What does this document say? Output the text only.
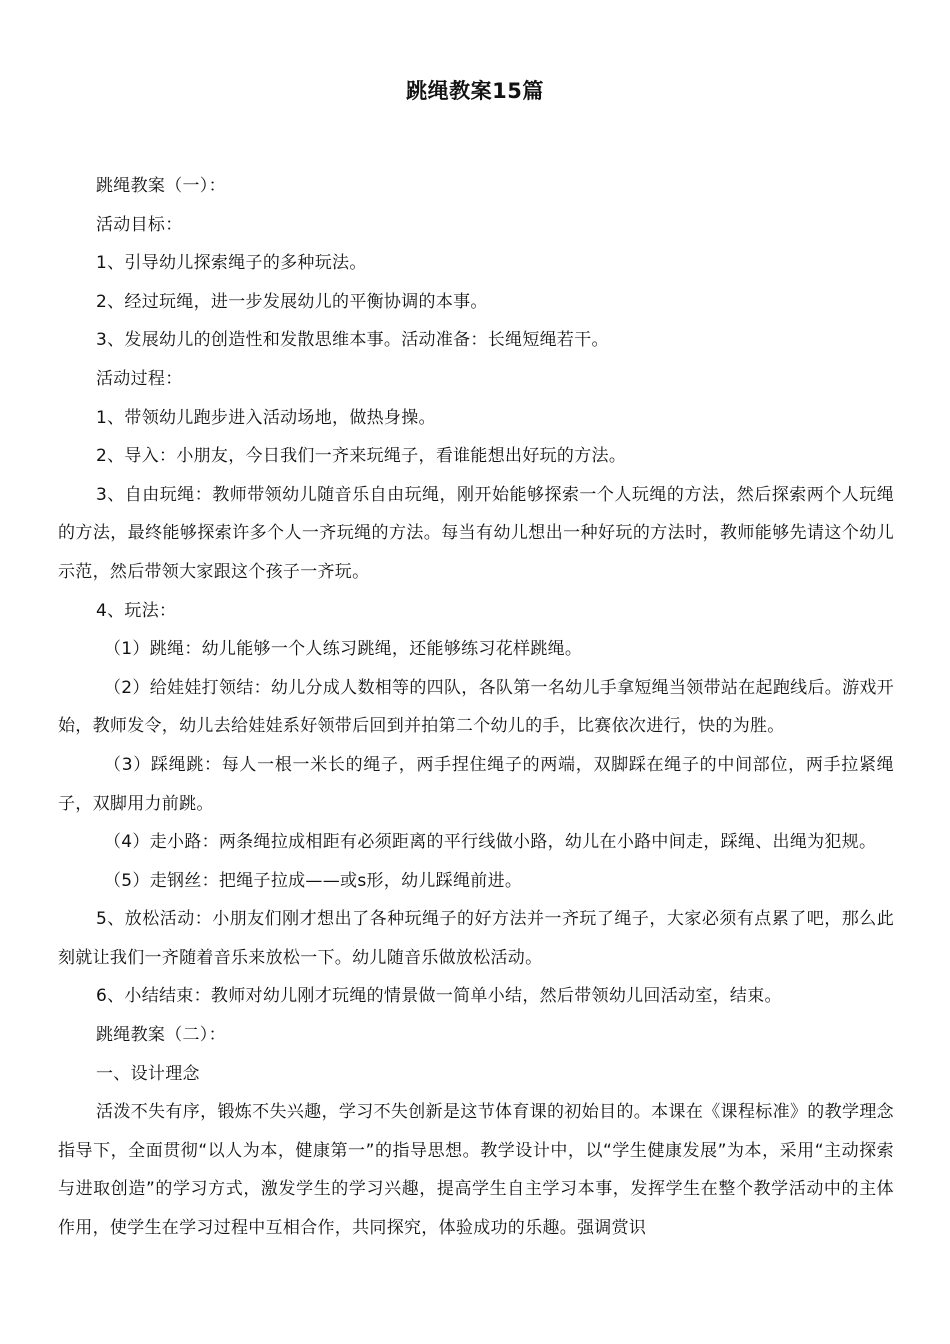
跳绳教案15篇

跳绳教案（一）：

活动目标：

1、引导幼儿探索绳子的多种玩法。

2、经过玩绳，进一步发展幼儿的平衡协调的本事。

3、发展幼儿的创造性和发散思维本事。活动准备：长绳短绳若干。

活动过程：

1、带领幼儿跑步进入活动场地，做热身操。

2、导入：小朋友，今日我们一齐来玩绳子，看谁能想出好玩的方法。

3、自由玩绳：教师带领幼儿随音乐自由玩绳，刚开始能够探索一个人玩绳的方法，然后探索两个人玩绳的方法，最终能够探索许多个人一齐玩绳的方法。每当有幼儿想出一种好玩的方法时，教师能够先请这个幼儿示范，然后带领大家跟这个孩子一齐玩。

4、玩法：

（1）跳绳：幼儿能够一个人练习跳绳，还能够练习花样跳绳。

（2）给娃娃打领结：幼儿分成人数相等的四队，各队第一名幼儿手拿短绳当领带站在起跑线后。游戏开始，教师发令，幼儿去给娃娃系好领带后回到并拍第二个幼儿的手，比赛依次进行，快的为胜。

（3）踩绳跳：每人一根一米长的绳子，两手捏住绳子的两端，双脚踩在绳子的中间部位，两手拉紧绳子，双脚用力前跳。

（4）走小路：两条绳拉成相距有必须距离的平行线做小路，幼儿在小路中间走，踩绳、出绳为犯规。

（5）走钢丝：把绳子拉成——或s形，幼儿踩绳前进。

5、放松活动：小朋友们刚才想出了各种玩绳子的好方法并一齐玩了绳子，大家必须有点累了吧，那么此刻就让我们一齐随着音乐来放松一下。幼儿随音乐做放松活动。

6、小结结束：教师对幼儿刚才玩绳的情景做一简单小结，然后带领幼儿回活动室，结束。

跳绳教案（二）：

一、设计理念

活泼不失有序，锻炼不失兴趣，学习不失创新是这节体育课的初始目的。本课在《课程标准》的教学理念指导下，全面贯彻“以人为本，健康第一”的指导思想。教学设计中，以“学生健康发展”为本，采用“主动探索与进取创造”的学习方式，激发学生的学习兴趣，提高学生自主学习本事，发挥学生在整个教学活动中的主体作用，使学生在学习过程中互相合作，共同探究，体验成功的乐趣。强调赏识
